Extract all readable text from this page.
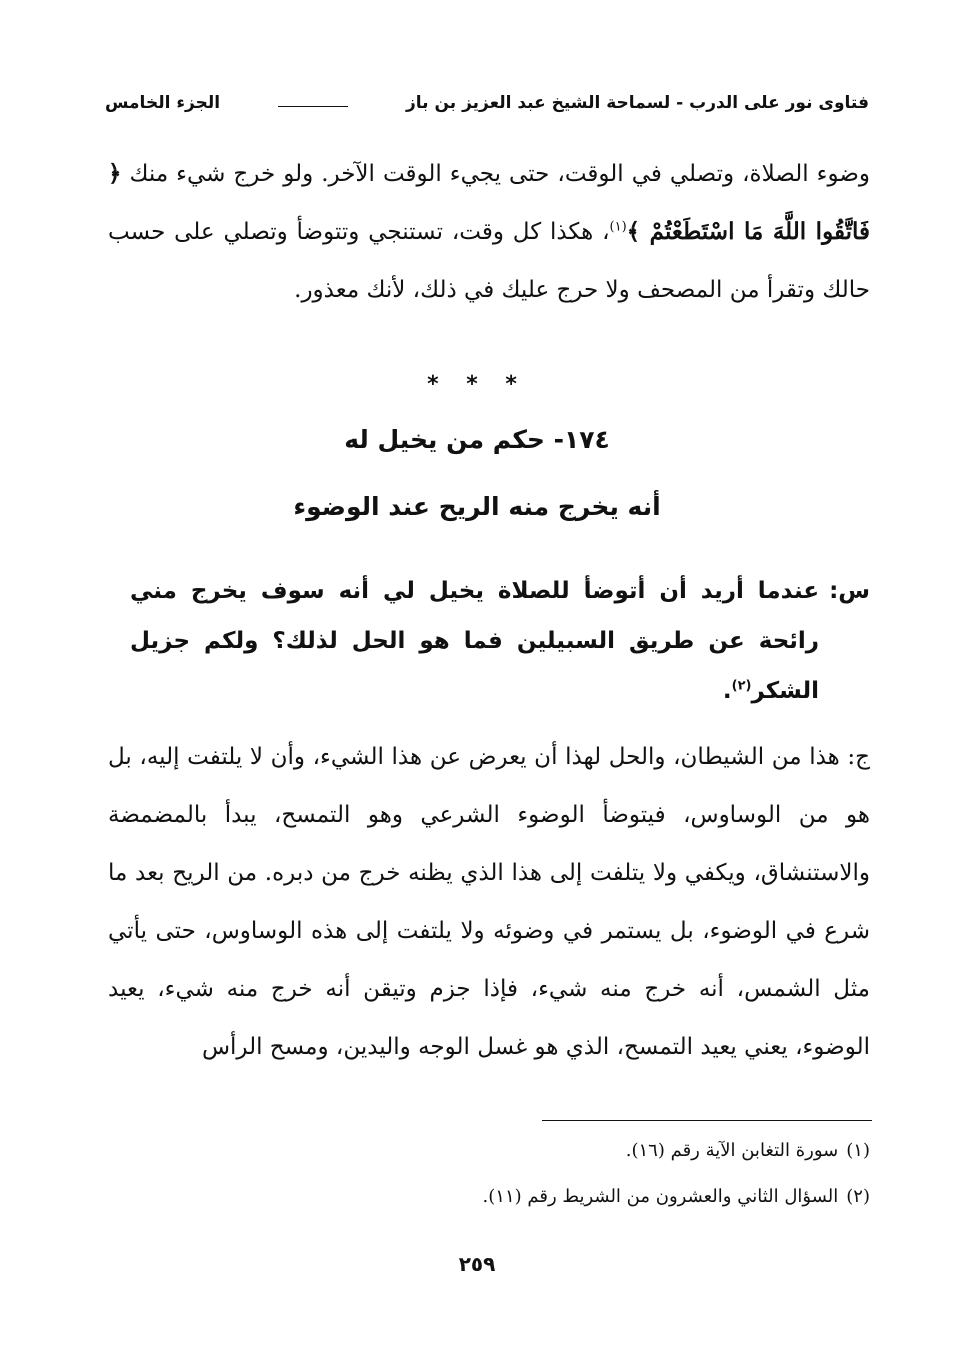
فتاوى نور على الدرب - لسماحة الشيخ عبد العزيز بن باز
الجزء الخامس
وضوء الصلاة، وتصلي في الوقت، حتى يجيء الوقت الآخر. ولو خرج شيء منك ﴿ فَاتَّقُوا اللَّهَ مَا اسْتَطَعْتُمْ ﴾$^{(١)}$، هكذا كل وقت، تستنجي وتتوضأ وتصلي على حسب حالك وتقرأ من المصحف ولا حرج عليك في ذلك، لأنك معذور.
* * *
١٧٤- حكم من يخيل له
أنه يخرج منه الريح عند الوضوء
س:
عندما أريد أن أتوضأ للصلاة يخيل لي أنه سوف يخرج مني رائحة عن طريق السبيلين فما هو الحل لذلك؟ ولكم جزيل الشكر$^{(٢)}$.
ج: هذا من الشيطان، والحل لهذا أن يعرض عن هذا الشيء، وأن لا يلتفت إليه، بل هو من الوساوس، فيتوضأ الوضوء الشرعي وهو التمسح، يبدأ بالمضمضة والاستنشاق، ويكفي ولا يتلفت إلى هذا الذي يظنه خرج من دبره. من الريح بعد ما شرع في الوضوء، بل يستمر في وضوئه ولا يلتفت إلى هذه الوساوس، حتى يأتي مثل الشمس، أنه خرج منه شيء، فإذا جزم وتيقن أنه خرج منه شيء، يعيد الوضوء، يعني يعيد التمسح، الذي هو غسل الوجه واليدين، ومسح الرأس
(١)سورة التغابن الآية رقم (١٦).
(٢)السؤال الثاني والعشرون من الشريط رقم (١١).
٢٥٩
